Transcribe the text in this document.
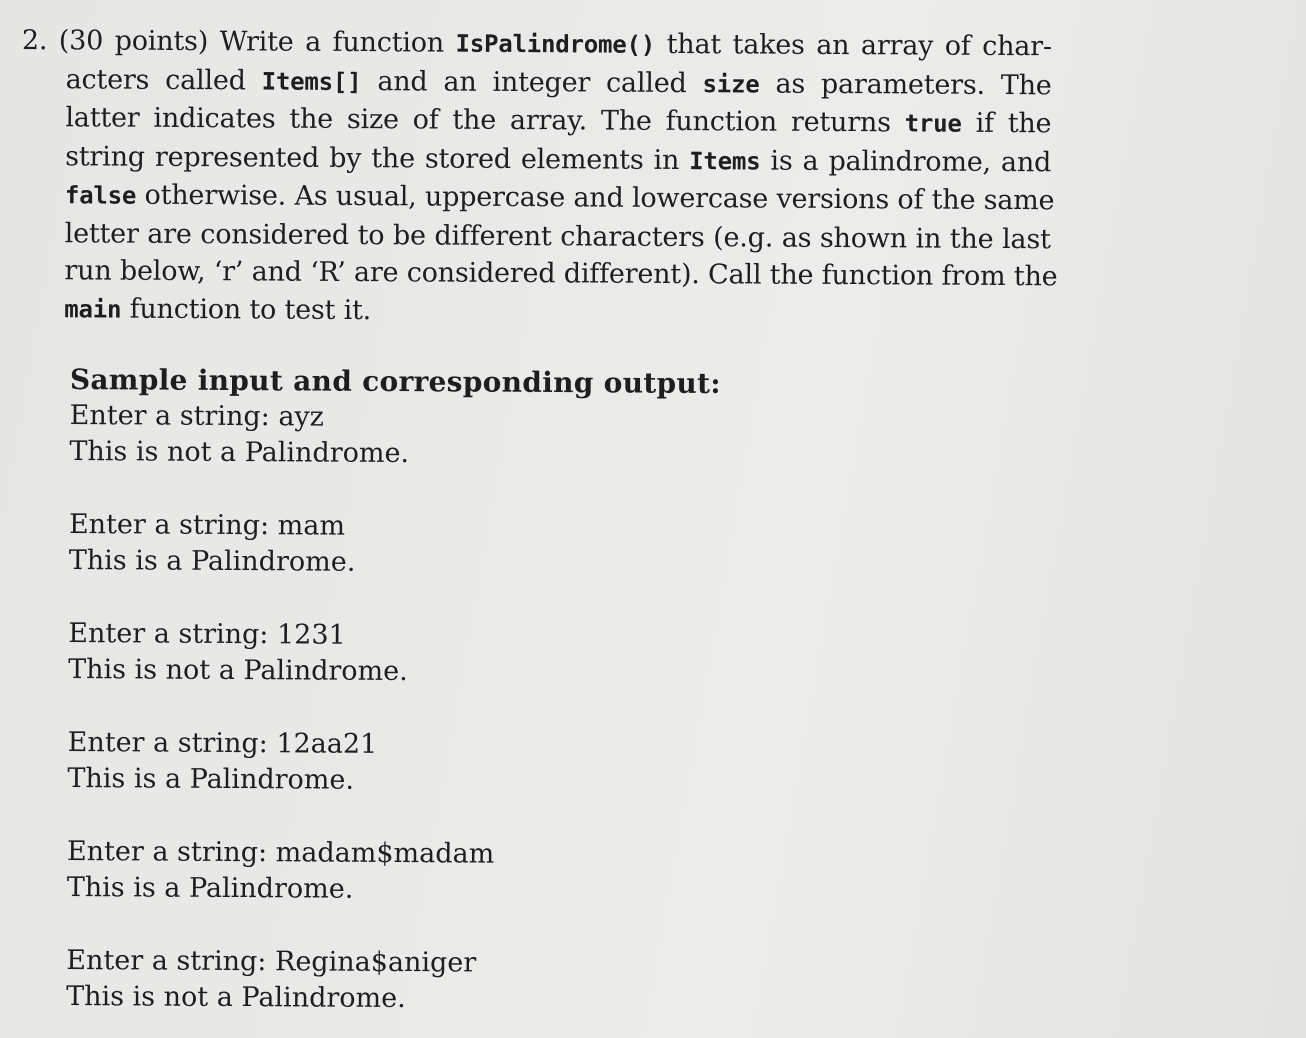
2. (30 points) Write a function IsPalindrome() that takes an array of char-
acters called Items[] and an integer called size as parameters. The
latter indicates the size of the array. The function returns true if the
string represented by the stored elements in Items is a palindrome, and
false otherwise. As usual, uppercase and lowercase versions of the same
letter are considered to be different characters (e.g. as shown in the last
run below, ‘r’ and ‘R’ are considered different). Call the function from the
main function to test it.
Sample input and corresponding output:
Enter a string: ayz
This is not a Palindrome.
Enter a string: mam
This is a Palindrome.
Enter a string: 1231
This is not a Palindrome.
Enter a string: 12aa21
This is a Palindrome.
Enter a string: madam$madam
This is a Palindrome.
Enter a string: Regina$aniger
This is not a Palindrome.
